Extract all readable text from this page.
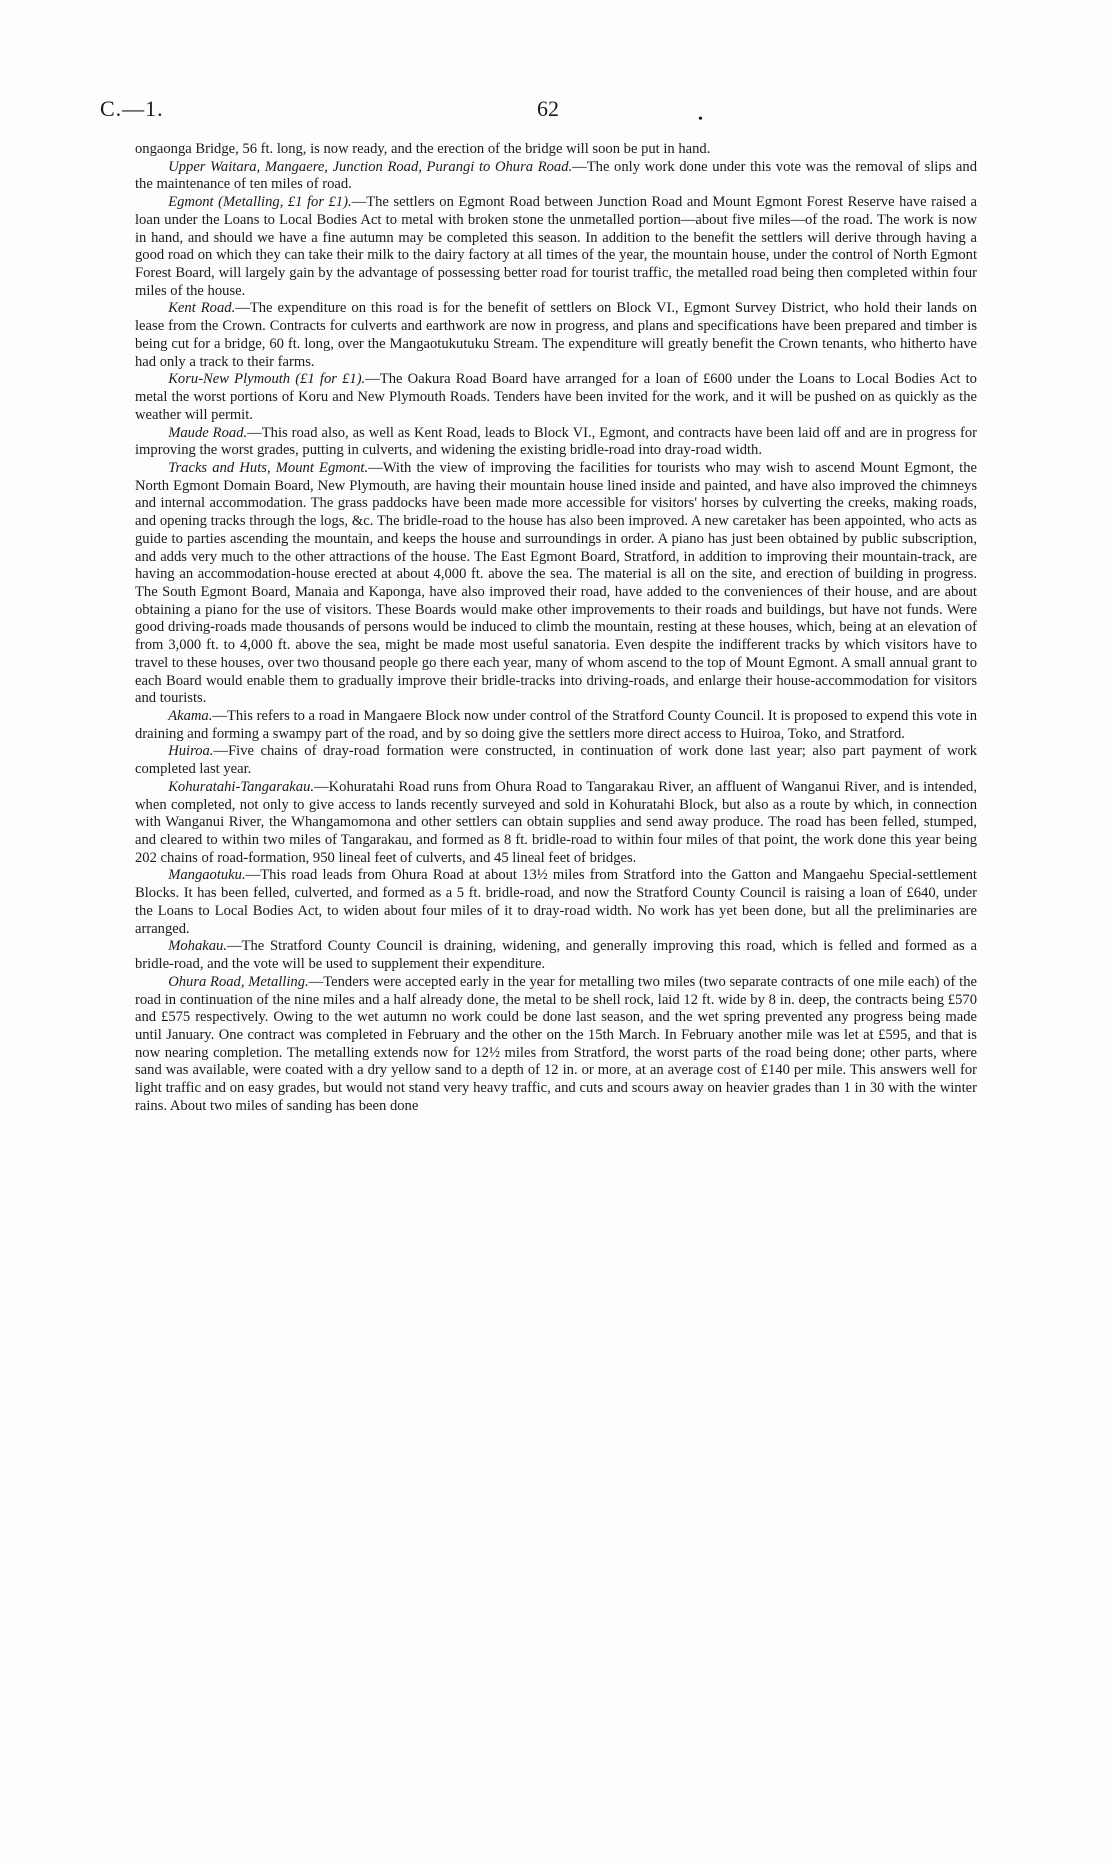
C.—1.	62	•

ongaonga Bridge, 56 ft. long, is now ready, and the erection of the bridge will soon be put in hand.

  Upper Waitara, Mangaere, Junction Road, Purangi to Ohura Road.—The only work done under this vote was the removal of slips and the maintenance of ten miles of road.

  Egmont (Metalling, £1 for £1).—The settlers on Egmont Road between Junction Road and Mount Egmont Forest Reserve have raised a loan under the Loans to Local Bodies Act to metal with broken stone the unmetalled portion—about five miles—of the road. The work is now in hand, and should we have a fine autumn may be completed this season. In addition to the benefit the settlers will derive through having a good road on which they can take their milk to the dairy factory at all times of the year, the mountain house, under the control of North Egmont Forest Board, will largely gain by the advantage of possessing better road for tourist traffic, the metalled road being then completed within four miles of the house.

  Kent Road.—The expenditure on this road is for the benefit of settlers on Block VI., Egmont Survey District, who hold their lands on lease from the Crown. Contracts for culverts and earthwork are now in progress, and plans and specifications have been prepared and timber is being cut for a bridge, 60 ft. long, over the Mangaotukutuku Stream. The expenditure will greatly benefit the Crown tenants, who hitherto have had only a track to their farms.

  Koru-New Plymouth (£1 for £1).—The Oakura Road Board have arranged for a loan of £600 under the Loans to Local Bodies Act to metal the worst portions of Koru and New Plymouth Roads. Tenders have been invited for the work, and it will be pushed on as quickly as the weather will permit.

  Maude Road.—This road also, as well as Kent Road, leads to Block VI., Egmont, and contracts have been laid off and are in progress for improving the worst grades, putting in culverts, and widening the existing bridle-road into dray-road width.

  Tracks and Huts, Mount Egmont.—With the view of improving the facilities for tourists who may wish to ascend Mount Egmont, the North Egmont Domain Board, New Plymouth, are having their mountain house lined inside and painted, and have also improved the chimneys and internal accommodation. The grass paddocks have been made more accessible for visitors' horses by culverting the creeks, making roads, and opening tracks through the logs, &c. The bridle-road to the house has also been improved. A new caretaker has been appointed, who acts as guide to parties ascending the mountain, and keeps the house and surroundings in order. A piano has just been obtained by public subscription, and adds very much to the other attractions of the house. The East Egmont Board, Stratford, in addition to improving their mountain-track, are having an accommodation-house erected at about 4,000 ft. above the sea. The material is all on the site, and erection of building in progress. The South Egmont Board, Manaia and Kaponga, have also improved their road, have added to the conveniences of their house, and are about obtaining a piano for the use of visitors. These Boards would make other improvements to their roads and buildings, but have not funds. Were good driving-roads made thousands of persons would be induced to climb the mountain, resting at these houses, which, being at an elevation of from 3,000 ft. to 4,000 ft. above the sea, might be made most useful sanatoria. Even despite the indifferent tracks by which visitors have to travel to these houses, over two thousand people go there each year, many of whom ascend to the top of Mount Egmont. A small annual grant to each Board would enable them to gradually improve their bridle-tracks into driving-roads, and enlarge their house-accommodation for visitors and tourists.

  Akama.—This refers to a road in Mangaere Block now under control of the Stratford County Council. It is proposed to expend this vote in draining and forming a swampy part of the road, and by so doing give the settlers more direct access to Huiroa, Toko, and Stratford.

  Huiroa.—Five chains of dray-road formation were constructed, in continuation of work done last year; also part payment of work completed last year.

  Kohuratahi-Tangarakau.—Kohuratahi Road runs from Ohura Road to Tangarakau River, an affluent of Wanganui River, and is intended, when completed, not only to give access to lands recently surveyed and sold in Kohuratahi Block, but also as a route by which, in connection with Wanganui River, the Whangamomona and other settlers can obtain supplies and send away produce. The road has been felled, stumped, and cleared to within two miles of Tangarakau, and formed as 8 ft. bridle-road to within four miles of that point, the work done this year being 202 chains of road-formation, 950 lineal feet of culverts, and 45 lineal feet of bridges.

  Mangaotuku.—This road leads from Ohura Road at about 13½ miles from Stratford into the Gatton and Mangaehu Special-settlement Blocks. It has been felled, culverted, and formed as a 5 ft. bridle-road, and now the Stratford County Council is raising a loan of £640, under the Loans to Local Bodies Act, to widen about four miles of it to dray-road width. No work has yet been done, but all the preliminaries are arranged.

  Mohakau.—The Stratford County Council is draining, widening, and generally improving this road, which is felled and formed as a bridle-road, and the vote will be used to supplement their expenditure.

  Ohura Road, Metalling.—Tenders were accepted early in the year for metalling two miles (two separate contracts of one mile each) of the road in continuation of the nine miles and a half already done, the metal to be shell rock, laid 12 ft. wide by 8 in. deep, the contracts being £570 and £575 respectively. Owing to the wet autumn no work could be done last season, and the wet spring prevented any progress being made until January. One contract was completed in February and the other on the 15th March. In February another mile was let at £595, and that is now nearing completion. The metalling extends now for 12½ miles from Stratford, the worst parts of the road being done; other parts, where sand was available, were coated with a dry yellow sand to a depth of 12 in. or more, at an average cost of £140 per mile. This answers well for light traffic and on easy grades, but would not stand very heavy traffic, and cuts and scours away on heavier grades than 1 in 30 with the winter rains. About two miles of sanding has been done
